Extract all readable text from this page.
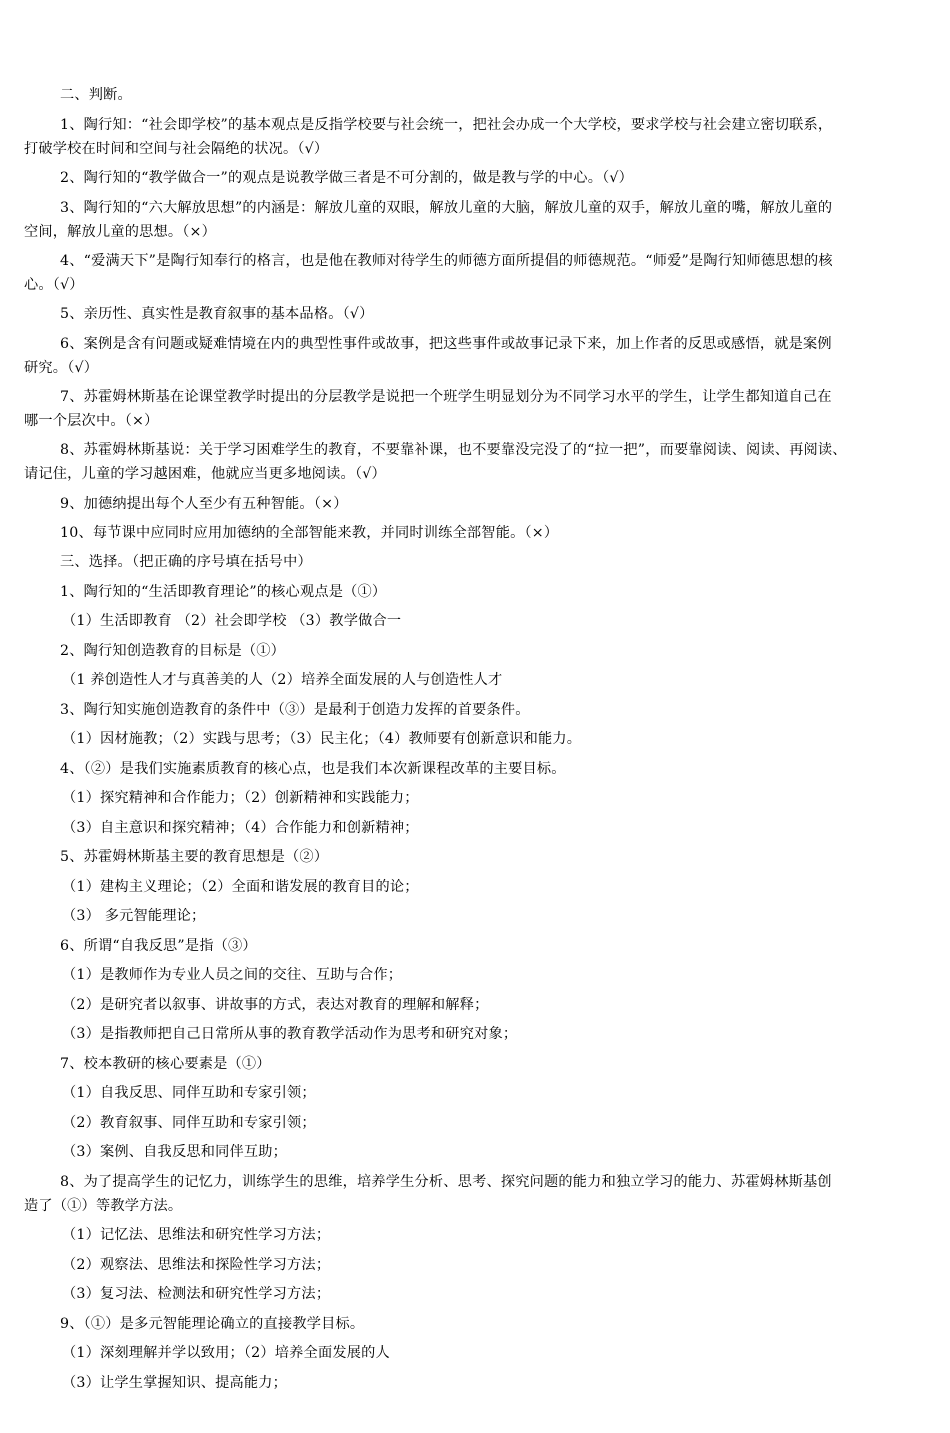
二、判断。
1、陶行知：“社会即学校”的基本观点是反指学校要与社会统一，把社会办成一个大学校，要求学校与社会建立密切联系，
打破学校在时间和空间与社会隔绝的状况。（√）
2、陶行知的“教学做合一”的观点是说教学做三者是不可分割的，做是教与学的中心。（√）
3、陶行知的“六大解放思想”的内涵是：解放儿童的双眼，解放儿童的大脑，解放儿童的双手，解放儿童的嘴，解放儿童的
空间，解放儿童的思想。（×）
4、“爱满天下”是陶行知奉行的格言，也是他在教师对待学生的师德方面所提倡的师德规范。“师爱”是陶行知师德思想的核
心。（√）
5、亲历性、真实性是教育叙事的基本品格。（√）
6、案例是含有问题或疑难情境在内的典型性事件或故事，把这些事件或故事记录下来，加上作者的反思或感悟，就是案例
研究。（√）
7、苏霍姆林斯基在论课堂教学时提出的分层教学是说把一个班学生明显划分为不同学习水平的学生，让学生都知道自己在
哪一个层次中。（×）
8、苏霍姆林斯基说：关于学习困难学生的教育，不要靠补课，也不要靠没完没了的“拉一把”，而要靠阅读、阅读、再阅读、
请记住，儿童的学习越困难，他就应当更多地阅读。（√）
9、加德纳提出每个人至少有五种智能。（×）
10、每节课中应同时应用加德纳的全部智能来教，并同时训练全部智能。（×）
三、选择。（把正确的序号填在括号中）
1、陶行知的“生活即教育理论”的核心观点是（①）
（1）生活即教育 （2）社会即学校 （3）教学做合一
2、陶行知创造教育的目标是（①）
（1 养创造性人才与真善美的人（2）培养全面发展的人与创造性人才
3、陶行知实施创造教育的条件中（③）是最利于创造力发挥的首要条件。
（1）因材施教；（2）实践与思考；（3）民主化；（4）教师要有创新意识和能力。
4、（②）是我们实施素质教育的核心点，也是我们本次新课程改革的主要目标。
（1）探究精神和合作能力；（2）创新精神和实践能力；
（3）自主意识和探究精神；（4）合作能力和创新精神；
5、苏霍姆林斯基主要的教育思想是（②）
（1）建构主义理论；（2）全面和谐发展的教育目的论；
（3） 多元智能理论；
6、所谓“自我反思”是指（③）
（1）是教师作为专业人员之间的交往、互助与合作；
（2）是研究者以叙事、讲故事的方式，表达对教育的理解和解释；
（3）是指教师把自己日常所从事的教育教学活动作为思考和研究对象；
7、校本教研的核心要素是（①）
（1）自我反思、同伴互助和专家引领；
（2）教育叙事、同伴互助和专家引领；
（3）案例、自我反思和同伴互助；
8、为了提高学生的记忆力，训练学生的思维，培养学生分析、思考、探究问题的能力和独立学习的能力、苏霍姆林斯基创
造了（①）等教学方法。
（1）记忆法、思维法和研究性学习方法；
（2）观察法、思维法和探险性学习方法；
（3）复习法、检测法和研究性学习方法；
9、（①）是多元智能理论确立的直接教学目标。
（1）深刻理解并学以致用；（2）培养全面发展的人
（3）让学生掌握知识、提高能力；
